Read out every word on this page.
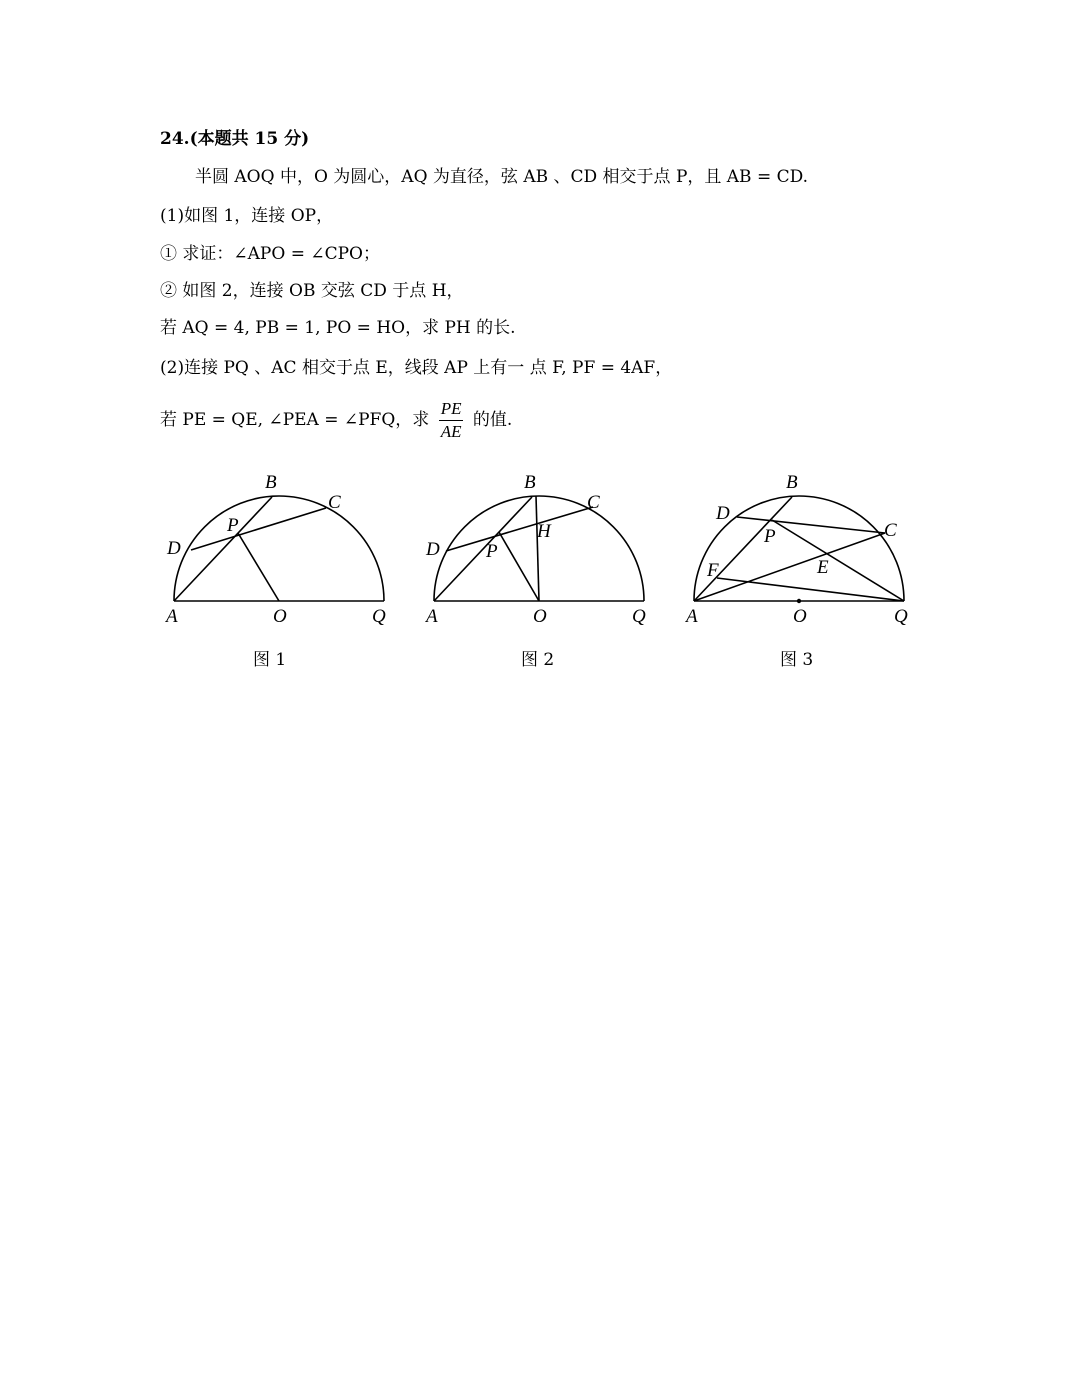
24.(本题共 15 分)
半圆 AOQ 中，O 为圆心，AQ 为直径，弦 AB 、CD 相交于点 P，且 AB = CD.
(1)如图 1，连接 OP，
① 求证：∠APO = ∠CPO；
② 如图 2，连接 OB 交弦 CD 于点 H，
若 AQ = 4, PB = 1, PO = HO，求 PH 的长.
(2)连接 PQ 、AC 相交于点 E，线段 AP 上有一 点 F, PF = 4AF，
若 PE = QE, ∠PEA = ∠PFQ，求 $\frac{PE}{AE}$ 的值.
A	O	Q
B
C
D
P
图 1
A	O	Q
B
C
D P
H
图 2
A	O	Q
B
C
D
P
E
F
图 3
